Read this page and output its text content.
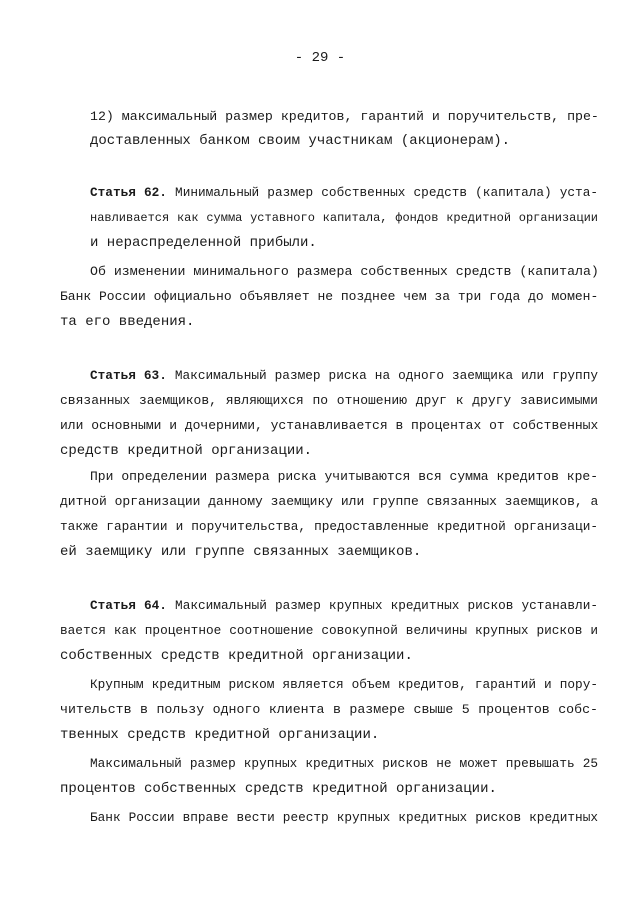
- 29 -
12) максимальный размер кредитов, гарантий и поручительств, пре-
доставленных банком своим участникам (акционерам).
Статья 62. Минимальный размер собственных средств (капитала) уста-
навливается как сумма уставного капитала, фондов кредитной организации
и нераспределенной прибыли.
Об изменении минимального размера собственных средств (капитала)
Банк России официально объявляет не позднее чем за три года до момен-
та его введения.
Статья 63. Максимальный размер риска на одного заемщика или группу
связанных заемщиков, являющихся по отношению друг к другу зависимыми
или основными и дочерними, устанавливается в процентах от собственных
средств кредитной организации.
При определении размера риска учитываются вся сумма кредитов кре-
дитной организации данному заемщику или группе связанных заемщиков, а
также гарантии и поручительства, предоставленные кредитной организаци-
ей заемщику или группе связанных заемщиков.
Статья 64. Максимальный размер крупных кредитных рисков устанавли-
вается как процентное соотношение совокупной величины крупных рисков и
собственных средств кредитной организации.
Крупным кредитным риском является объем кредитов, гарантий и пору-
чительств в пользу одного клиента в размере свыше 5 процентов собс-
твенных средств кредитной организации.
Максимальный размер крупных кредитных рисков не может превышать 25
процентов собственных средств кредитной организации.
Банк России вправе вести реестр крупных кредитных рисков кредитных
